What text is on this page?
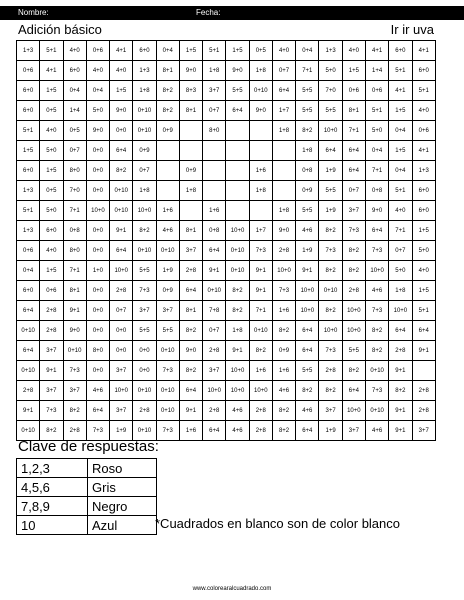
Nombre:	Fecha:
Adición básico	Ir ir uva
1+3	5+1	4+0	0+6	4+1	6+0	0+4	1+5	5+1	1+5	0+5	4+0	0+4	1+3	4+0	4+1	6+0	4+1
0+6	4+1	6+0	4+0	4+0	1+3	8+1	9+0	1+8	9+0	1+8	0+7	7+1	5+0	1+5	1+4	5+1	6+0
6+0	1+5	0+4	0+4	1+5	1+8	8+2	8+3	3+7	5+5	0+10	6+4	5+5	7+0	0+6	0+6	4+1	5+1
6+0	0+5	1+4	5+0	9+0	0+10	8+2	8+1	0+7	6+4	9+0	1+7	5+5	5+5	8+1	5+1	1+5	4+0
5+1	4+0	0+5	9+0	0+0	0+10	0+9		8+0			1+8	8+2	10+0	7+1	5+0	0+4	0+6
1+5	5+0	0+7	0+0	6+4	0+9							1+8	6+4	6+4	0+4	1+5	4+1
6+0	1+5	8+0	0+0	8+2	0+7		0+9			1+6		0+8	1+9	6+4	7+1	0+4	1+3
1+3	0+5	7+0	0+0	0+10	1+8		1+8			1+8		0+9	5+5	0+7	0+8	5+1	6+0
5+1	5+0	7+1	10+0	0+10	10+0	1+6		1+6			1+8	5+5	1+9	3+7	9+0	4+0	6+0
1+3	6+0	0+8	0+0	9+1	8+2	4+6	8+1	0+8	10+0	1+7	9+0	4+6	8+2	7+3	6+4	7+1	1+5
0+6	4+0	8+0	0+0	6+4	0+10	0+10	3+7	6+4	0+10	7+3	2+8	1+9	7+3	8+2	7+3	0+7	5+0
0+4	1+5	7+1	1+0	10+0	5+5	1+9	2+8	9+1	0+10	9+1	10+0	9+1	8+2	8+2	10+0	5+0	4+0
6+0	0+6	8+1	0+0	2+8	7+3	0+9	6+4	0+10	8+2	9+1	7+3	10+0	0+10	2+8	4+6	1+8	1+5
6+4	2+8	9+1	0+0	0+7	3+7	3+7	8+1	7+8	8+2	7+1	1+6	10+0	8+2	10+0	7+3	10+0	5+1
0+10	2+8	9+0	0+0	0+0	5+5	5+5	8+2	0+7	1+8	0+10	8+2	6+4	10+0	10+0	8+2	6+4	6+4
6+4	3+7	0+10	8+0	0+0	0+0	0+10	9+0	2+8	9+1	8+2	0+9	6+4	7+3	5+5	8+2	2+8	9+1
0+10	9+1	7+3	0+0	3+7	0+0	7+3	8+2	3+7	10+0	1+6	1+6	5+5	2+8	8+2	0+10	9+1	
2+8	3+7	3+7	4+6	10+0	0+10	0+10	6+4	10+0	10+0	10+0	4+6	8+2	8+2	6+4	7+3	8+2	2+8
9+1	7+3	8+2	6+4	3+7	2+8	0+10	9+1	2+8	4+6	2+8	8+2	4+6	3+7	10+0	0+10	9+1	2+8
0+10	8+2	2+8	7+3	1+9	0+10	7+3	1+6	6+4	4+6	2+8	8+2	6+4	1+9	3+7	4+6	9+1	3+7
Clave de respuestas:
1,2,3	Roso
4,5,6	Gris
7,8,9	Negro
10	Azul	*Cuadrados en blanco son de color blanco
www.colorearalcuadrado.com
